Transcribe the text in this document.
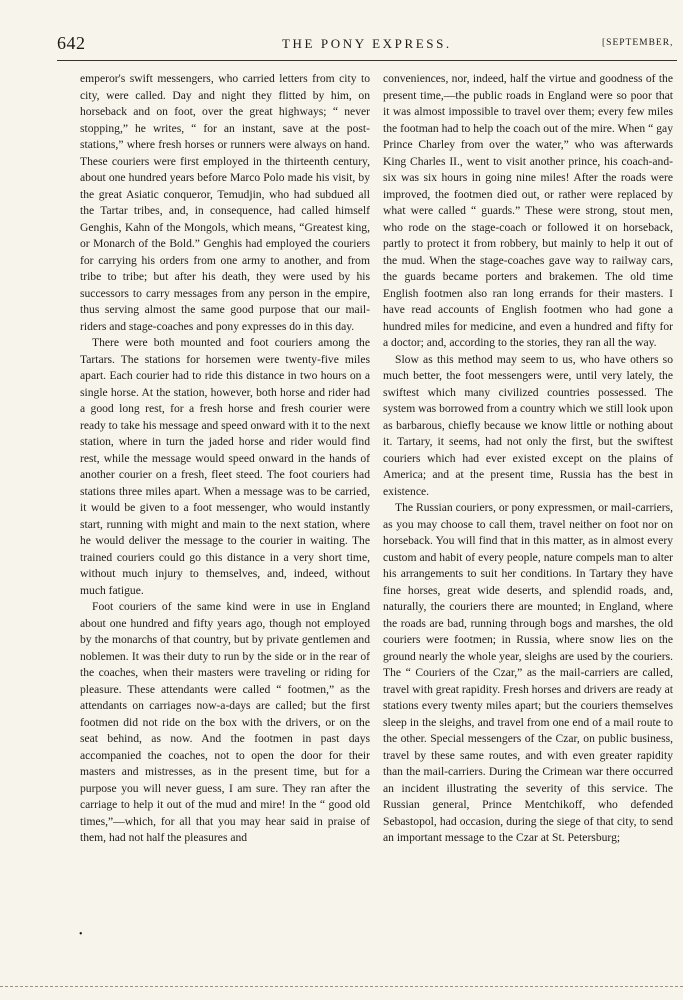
642	THE PONY EXPRESS.	[SEPTEMBER,

emperor's swift messengers, who carried letters from city to city, were called. Day and night they flitted by him, on horseback and on foot, over the great highways; “ never stopping,” he writes, “ for an instant, save at the post-stations,” where fresh horses or runners were always on hand. These couriers were first employed in the thirteenth century, about one hundred years before Marco Polo made his visit, by the great Asiatic conqueror, Temudjin, who had subdued all the Tartar tribes, and, in consequence, had called himself Genghis, Kahn of the Mongols, which means, “Greatest king, or Monarch of the Bold.” Genghis had employed the couriers for carrying his orders from one army to another, and from tribe to tribe; but after his death, they were used by his successors to carry messages from any person in the empire, thus serving almost the same good purpose that our mail-riders and stage-coaches and pony expresses do in this day.

There were both mounted and foot couriers among the Tartars. The stations for horsemen were twenty-five miles apart. Each courier had to ride this distance in two hours on a single horse. At the station, however, both horse and rider had a good long rest, for a fresh horse and fresh courier were ready to take his message and speed onward with it to the next station, where in turn the jaded horse and rider would find rest, while the message would speed onward in the hands of another courier on a fresh, fleet steed. The foot couriers had stations three miles apart. When a message was to be carried, it would be given to a foot messenger, who would instantly start, running with might and main to the next station, where he would deliver the message to the courier in waiting. The trained couriers could go this distance in a very short time, without much injury to themselves, and, indeed, without much fatigue.

Foot couriers of the same kind were in use in England about one hundred and fifty years ago, though not employed by the monarchs of that country, but by private gentlemen and noblemen. It was their duty to run by the side or in the rear of the coaches, when their masters were traveling or riding for pleasure. These attendants were called “ footmen,” as the attendants on carriages now-a-days are called; but the first footmen did not ride on the box with the drivers, or on the seat behind, as now. And the footmen in past days accompanied the coaches, not to open the door for their masters and mistresses, as in the present time, but for a purpose you will never guess, I am sure. They ran after the carriage to help it out of the mud and mire! In the “ good old times,”—which, for all that you may hear said in praise of them, had not half the pleasures and

conveniences, nor, indeed, half the virtue and goodness of the present time,—the public roads in England were so poor that it was almost impossible to travel over them; every few miles the footman had to help the coach out of the mire. When “ gay Prince Charley from over the water,” who was afterwards King Charles II., went to visit another prince, his coach-and-six was six hours in going nine miles! After the roads were improved, the footmen died out, or rather were replaced by what were called “ guards.” These were strong, stout men, who rode on the stage-coach or followed it on horseback, partly to protect it from robbery, but mainly to help it out of the mud. When the stage-coaches gave way to railway cars, the guards became porters and brakemen. The old time English footmen also ran long errands for their masters. I have read accounts of English footmen who had gone a hundred miles for medicine, and even a hundred and fifty for a doctor; and, according to the stories, they ran all the way.

Slow as this method may seem to us, who have others so much better, the foot messengers were, until very lately, the swiftest which many civilized countries possessed. The system was borrowed from a country which we still look upon as barbarous, chiefly because we know little or nothing about it. Tartary, it seems, had not only the first, but the swiftest couriers which had ever existed except on the plains of America; and at the present time, Russia has the best in existence.

The Russian couriers, or pony expressmen, or mail-carriers, as you may choose to call them, travel neither on foot nor on horseback. You will find that in this matter, as in almost every custom and habit of every people, nature compels man to alter his arrangements to suit her conditions. In Tartary they have fine horses, great wide deserts, and splendid roads, and, naturally, the couriers there are mounted; in England, where the roads are bad, running through bogs and marshes, the old couriers were footmen; in Russia, where snow lies on the ground nearly the whole year, sleighs are used by the couriers. The “ Couriers of the Czar,” as the mail-carriers are called, travel with great rapidity. Fresh horses and drivers are ready at stations every twenty miles apart; but the couriers themselves sleep in the sleighs, and travel from one end of a mail route to the other. Special messengers of the Czar, on public business, travel by these same routes, and with even greater rapidity than the mail-carriers. During the Crimean war there occurred an incident illustrating the severity of this service. The Russian general, Prince Mentchikoff, who defended Sebastopol, had occasion, during the siege of that city, to send an important message to the Czar at St. Petersburg;

•
